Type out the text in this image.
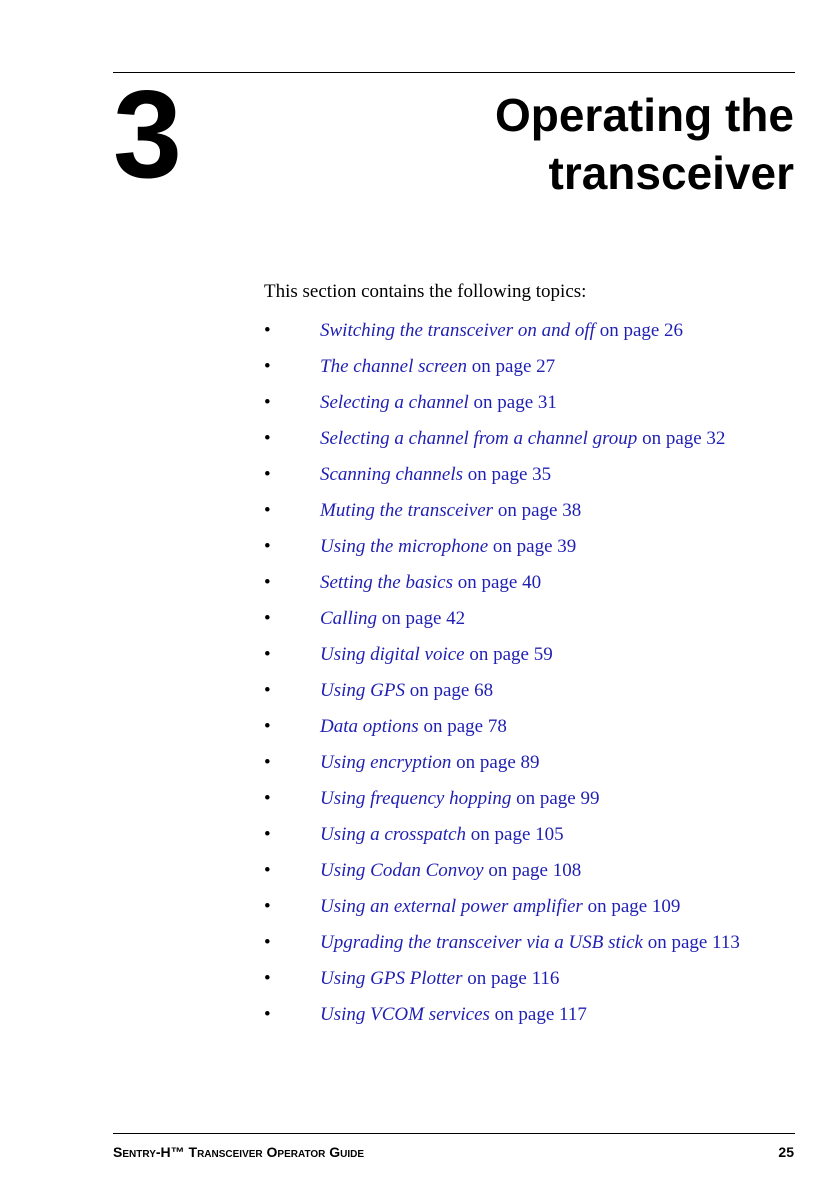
3	Operating the
transceiver
This section contains the following topics:
•	Switching the transceiver on and off on page 26
•	The channel screen on page 27
•	Selecting a channel on page 31
•	Selecting a channel from a channel group on page 32
•	Scanning channels on page 35
•	Muting the transceiver on page 38
•	Using the microphone on page 39
•	Setting the basics on page 40
•	Calling on page 42
•	Using digital voice on page 59
•	Using GPS on page 68
•	Data options on page 78
•	Using encryption on page 89
•	Using frequency hopping on page 99
•	Using a crosspatch on page 105
•	Using Codan Convoy on page 108
•	Using an external power amplifier on page 109
•	Upgrading the transceiver via a USB stick on page 113
•	Using GPS Plotter on page 116
•	Using VCOM services on page 117
Sentry-H™ Transceiver Operator Guide	25
